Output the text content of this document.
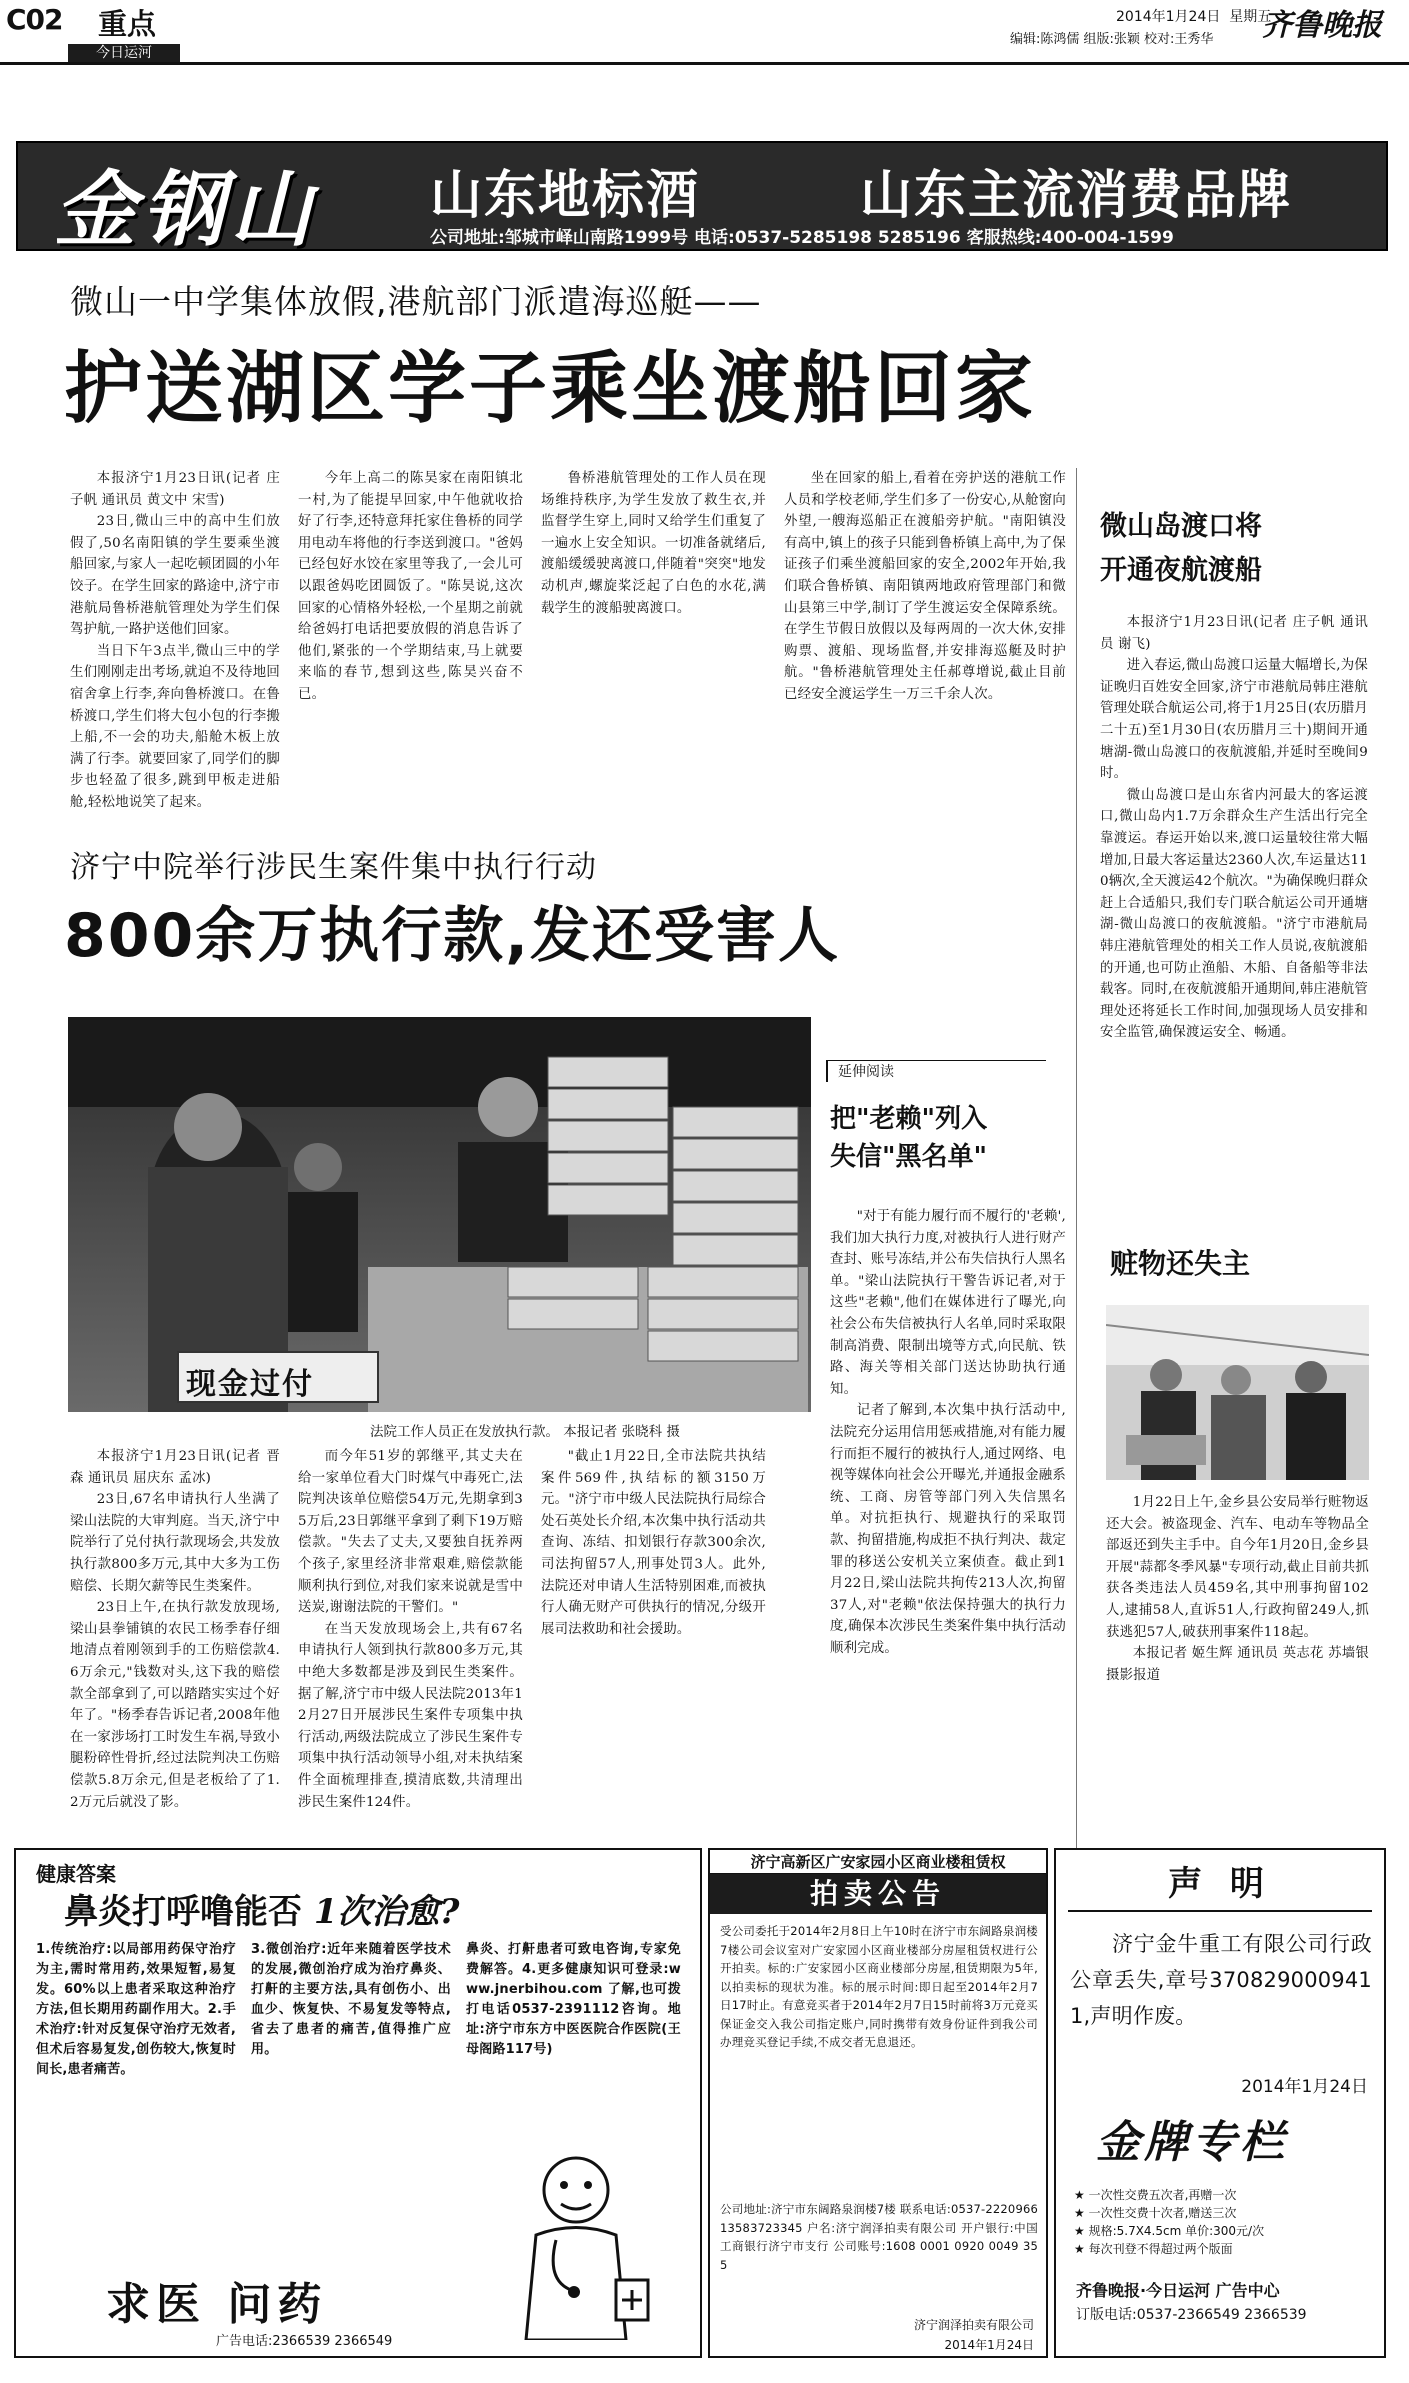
C02 重点
今日运河
2014年1月24日 星期五
编辑:陈鸿儒 组版:张颖 校对:王秀华 齐鲁晚报
金钢山 山东地标酒	山东主流消费品牌
公司地址:邹城市峄山南路1999号 电话:0537-5285198 5285196 客服热线:400-004-1599
微山一中学集体放假,港航部门派遣海巡艇——
护送湖区学子乘坐渡船回家

本报济宁1月23日讯(记者 庄子帆 通讯员 黄文中 宋雪)

23日,微山三中的高中生们放假了,50名南阳镇的学生要乘坐渡船回家,与家人一起吃顿团圆的小年饺子。在学生回家的路途中,济宁市港航局鲁桥港航管理处为学生们保驾护航,一路护送他们回家。

当日下午3点半,微山三中的学生们刚刚走出考场,就迫不及待地回宿舍拿上行李,奔向鲁桥渡口。在鲁桥渡口,学生们将大包小包的行李搬上船,不一会的功夫,船舱木板上放满了行李。就要回家了,同学们的脚步也轻盈了很多,跳到甲板走进船舱,轻松地说笑了起来。

今年上高二的陈昊家在南阳镇北一村,为了能提早回家,中午他就收拾好了行李,还特意拜托家住鲁桥的同学用电动车将他的行李送到渡口。"爸妈已经包好水饺在家里等我了,一会儿可以跟爸妈吃团圆饭了。"陈昊说,这次回家的心情格外轻松,一个星期之前就给爸妈打电话把要放假的消息告诉了他们,紧张的一个学期结束,马上就要来临的春节,想到这些,陈昊兴奋不已。

鲁桥港航管理处的工作人员在现场维持秩序,为学生发放了救生衣,并监督学生穿上,同时又给学生们重复了一遍水上安全知识。一切准备就绪后,渡船缓缓驶离渡口,伴随着"突突"地发动机声,螺旋桨泛起了白色的水花,满载学生的渡船驶离渡口。

坐在回家的船上,看着在旁护送的港航工作人员和学校老师,学生们多了一份安心,从舱窗向外望,一艘海巡船正在渡船旁护航。"南阳镇没有高中,镇上的孩子只能到鲁桥镇上高中,为了保证孩子们乘坐渡船回家的安全,2002年开始,我们联合鲁桥镇、南阳镇两地政府管理部门和微山县第三中学,制订了学生渡运安全保障系统。在学生节假日放假以及每两周的一次大休,安排购票、渡船、现场监督,并安排海巡艇及时护航。"鲁桥港航管理处主任郝尊增说,截止目前已经安全渡运学生一万三千余人次。

微山岛渡口将
开通夜航渡船

本报济宁1月23日讯(记者 庄子帆 通讯员 谢飞)

进入春运,微山岛渡口运量大幅增长,为保证晚归百姓安全回家,济宁市港航局韩庄港航管理处联合航运公司,将于1月25日(农历腊月二十五)至1月30日(农历腊月三十)期间开通塘湖-微山岛渡口的夜航渡船,并延时至晚间9时。

微山岛渡口是山东省内河最大的客运渡口,微山岛内1.7万余群众生产生活出行完全靠渡运。春运开始以来,渡口运量较往常大幅增加,日最大客运量达2360人次,车运量达110辆次,全天渡运42个航次。"为确保晚归群众赶上合适船只,我们专门联合航运公司开通塘湖-微山岛渡口的夜航渡船。"济宁市港航局韩庄港航管理处的相关工作人员说,夜航渡船的开通,也可防止渔船、木船、自备船等非法载客。同时,在夜航渡船开通期间,韩庄港航管理处还将延长工作时间,加强现场人员安排和安全监管,确保渡运安全、畅通。

济宁中院举行涉民生案件集中执行行动
800余万执行款,发还受害人
现金过付
法院工作人员正在发放执行款。 本报记者 张晓科 摄

本报济宁1月23日讯(记者 晋森 通讯员 屈庆东 孟冰)

23日,67名申请执行人坐满了梁山法院的大审判庭。当天,济宁中院举行了兑付执行款现场会,共发放执行款800多万元,其中大多为工伤赔偿、长期欠薪等民生类案件。

23日上午,在执行款发放现场,梁山县拳铺镇的农民工杨季春仔细地清点着刚领到手的工伤赔偿款4.6万余元,"钱数对头,这下我的赔偿款全部拿到了,可以踏踏实实过个好年了。"杨季春告诉记者,2008年他在一家涉场打工时发生车祸,导致小腿粉碎性骨折,经过法院判决工伤赔偿款5.8万余元,但是老板给了了1.2万元后就没了影。

而今年51岁的郭继平,其丈夫在给一家单位看大门时煤气中毒死亡,法院判决该单位赔偿54万元,先期拿到35万后,23日郭继平拿到了剩下19万赔偿款。"失去了丈夫,又要独自抚养两个孩子,家里经济非常艰难,赔偿款能顺利执行到位,对我们家来说就是雪中送炭,谢谢法院的干警们。"

在当天发放现场会上,共有67名申请执行人领到执行款800多万元,其中绝大多数都是涉及到民生类案件。据了解,济宁市中级人民法院2013年12月27日开展涉民生案件专项集中执行活动,两级法院成立了涉民生案件专项集中执行活动领导小组,对未执结案件全面梳理排查,摸清底数,共清理出涉民生案件124件。

"截止1月22日,全市法院共执结案件569件,执结标的额3150万元。"济宁市中级人民法院执行局综合处石英处长介绍,本次集中执行活动共查询、冻结、扣划银行存款300余次,司法拘留57人,刑事处罚3人。此外,法院还对申请人生活特别困难,而被执行人确无财产可供执行的情况,分级开展司法救助和社会援助。

延伸阅读
把"老赖"列入
失信"黑名单"

"对于有能力履行而不履行的'老赖',我们加大执行力度,对被执行人进行财产查封、账号冻结,并公布失信执行人黑名单。"梁山法院执行干警告诉记者,对于这些"老赖",他们在媒体进行了曝光,向社会公布失信被执行人名单,同时采取限制高消费、限制出境等方式,向民航、铁路、海关等相关部门送达协助执行通知。

记者了解到,本次集中执行活动中,法院充分运用信用惩戒措施,对有能力履行而拒不履行的被执行人,通过网络、电视等媒体向社会公开曝光,并通报金融系统、工商、房管等部门列入失信黑名单。对抗拒执行、规避执行的采取罚款、拘留措施,构成拒不执行判决、裁定罪的移送公安机关立案侦查。截止到1月22日,梁山法院共拘传213人次,拘留37人,对"老赖"依法保持强大的执行力度,确保本次涉民生类案件集中执行活动顺利完成。

赃物还失主

1月22日上午,金乡县公安局举行赃物返还大会。被盗现金、汽车、电动车等物品全部返还到失主手中。自今年1月20日,金乡县开展"蒜都冬季风暴"专项行动,截止目前共抓获各类违法人员459名,其中刑事拘留102人,逮捕58人,直诉51人,行政拘留249人,抓获逃犯57人,破获刑事案件118起。

本报记者 姬生辉 通讯员 英志花 苏墙银 摄影报道

健康答案
鼻炎打呼噜能否 1次治愈?
1.传统治疗:以局部用药保守治疗为主,需时常用药,效果短暂,易复发。60%以上患者采取这种治疗方法,但长期用药副作用大。2.手术治疗:针对反复保守治疗无效者,但术后容易复发,创伤较大,恢复时间长,患者痛苦。
3.微创治疗:近年来随着医学技术的发展,微创治疗成为治疗鼻炎、打鼾的主要方法,具有创伤小、出血少、恢复快、不易复发等特点,省去了患者的痛苦,值得推广应用。
鼻炎、打鼾患者可致电咨询,专家免费解答。4.更多健康知识可登录:www.jnerbihou.com 了解,也可拨打电话0537-2391112咨询。地址:济宁市东方中医医院合作医院(王母阁路117号)
求医 问药
广告电话:2366539 2366549
济宁高新区广安家园小区商业楼租赁权
拍卖公告
受公司委托于2014年2月8日上午10时在济宁市东阔路泉润楼7楼公司会议室对广安家园小区商业楼部分房屋租赁权进行公开拍卖。标的:广安家园小区商业楼部分房屋,租赁期限为5年,以拍卖标的现状为准。标的展示时间:即日起至2014年2月7日17时止。有意竞买者于2014年2月7日15时前将3万元竞买保证金交入我公司指定账户,同时携带有效身份证件到我公司办理竞买登记手续,不成交者无息退还。
公司地址:济宁市东阔路泉润楼7楼 联系电话:0537-2220966 13583723345 户名:济宁润泽拍卖有限公司 开户银行:中国工商银行济宁市支行 公司账号:1608 0001 0920 0049 355
济宁润泽拍卖有限公司
2014年1月24日
声 明
济宁金牛重工有限公司行政公章丢失,章号3708290009411,声明作废。
2014年1月24日
金牌专栏
★ 一次性交费五次者,再赠一次
★ 一次性交费十次者,赠送三次
★ 规格:5.7X4.5cm 单价:300元/次
★ 每次刊登不得超过两个版面
齐鲁晚报·今日运河 广告中心
订版电话:0537-2366549 2366539
